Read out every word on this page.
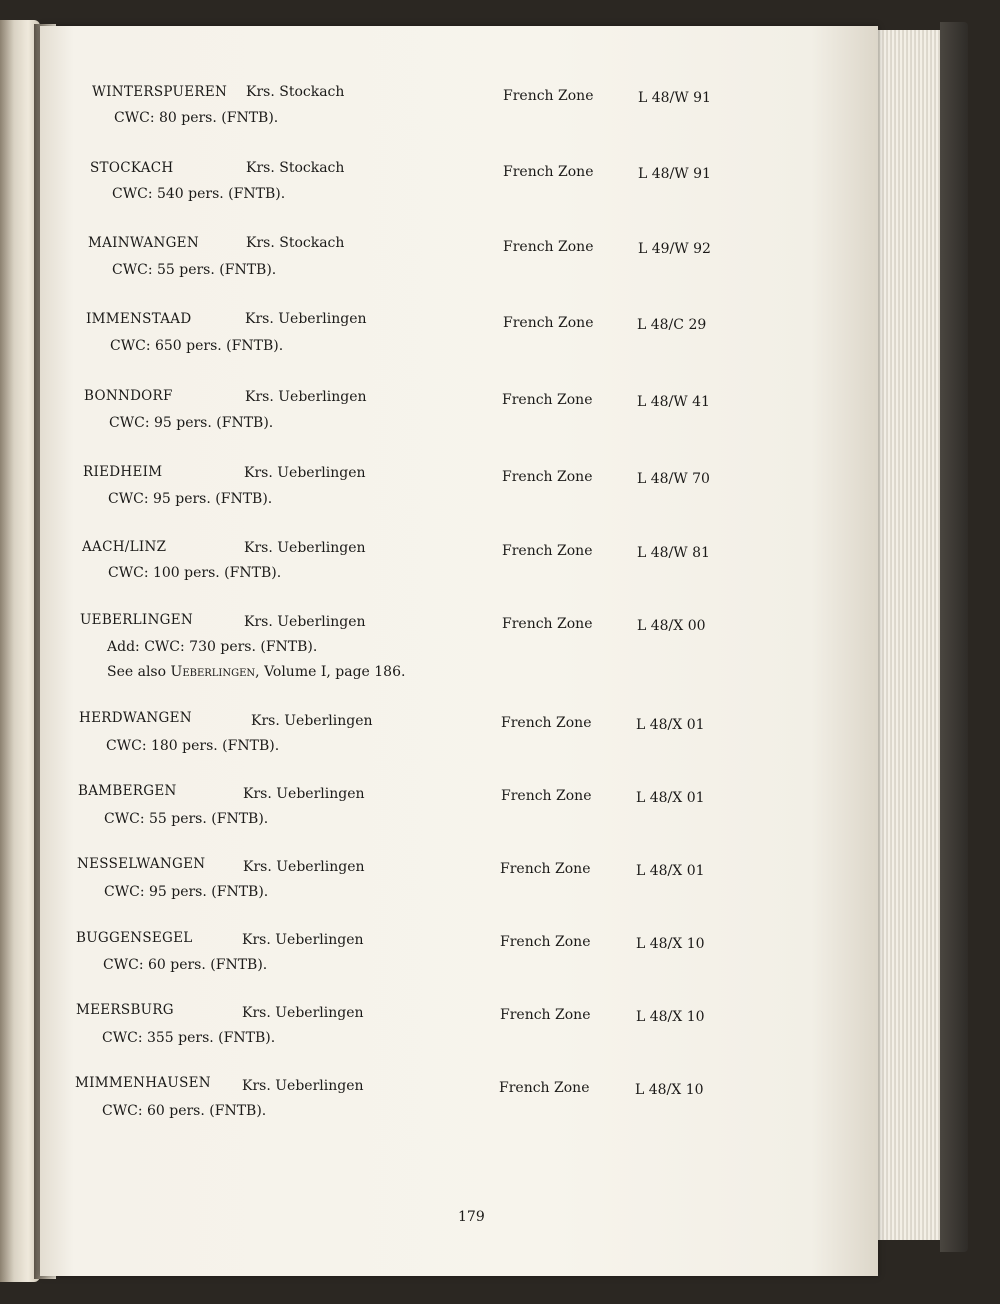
WINTERSPUEREN Krs. Stockach	French Zone	L 48/W 91
CWC: 80 pers. (FNTB).
STOCKACH	Krs. Stockach	French Zone	L 48/W 91
CWC: 540 pers. (FNTB).
MAINWANGEN	Krs. Stockach	French Zone	L 49/W 92
CWC: 55 pers. (FNTB).
IMMENSTAAD	Krs. Ueberlingen	French Zone	L 48/C 29
CWC: 650 pers. (FNTB).
BONNDORF	Krs. Ueberlingen	French Zone	L 48/W 41
CWC: 95 pers. (FNTB).
RIEDHEIM	Krs. Ueberlingen	French Zone	L 48/W 70
CWC: 95 pers. (FNTB).
AACH/LINZ	Krs. Ueberlingen	French Zone	L 48/W 81
CWC: 100 pers. (FNTB).
UEBERLINGEN	Krs. Ueberlingen	French Zone	L 48/X 00
Add: CWC: 730 pers. (FNTB).
See also Ueberlingen, Volume I, page 186.
HERDWANGEN	Krs. Ueberlingen	French Zone	L 48/X 01
CWC: 180 pers. (FNTB).
BAMBERGEN	Krs. Ueberlingen	French Zone	L 48/X 01
CWC: 55 pers. (FNTB).
NESSELWANGEN	Krs. Ueberlingen	French Zone	L 48/X 01
CWC: 95 pers. (FNTB).
BUGGENSEGEL	Krs. Ueberlingen	French Zone	L 48/X 10
CWC: 60 pers. (FNTB).
MEERSBURG	Krs. Ueberlingen	French Zone	L 48/X 10
CWC: 355 pers. (FNTB).
MIMMENHAUSEN Krs. Ueberlingen	French Zone	L 48/X 10
CWC: 60 pers. (FNTB).
179
